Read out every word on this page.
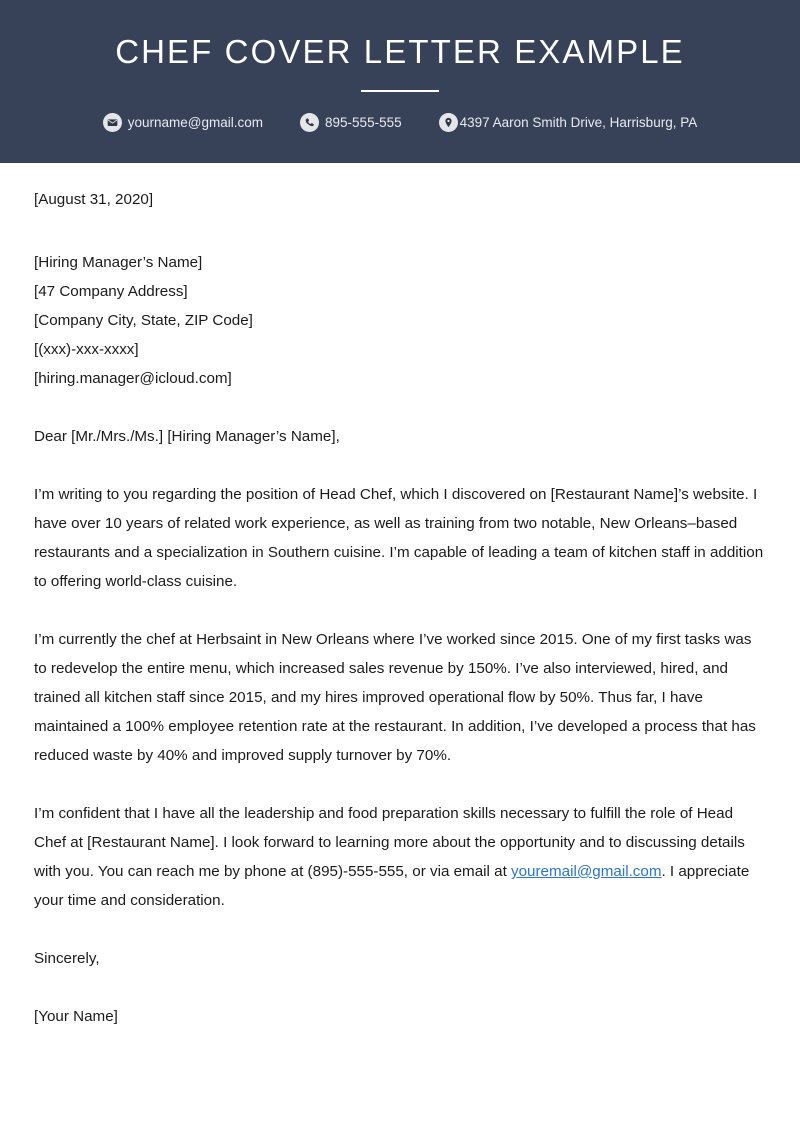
CHEF COVER LETTER EXAMPLE
yourname@gmail.com	895-555-555	4397 Aaron Smith Drive, Harrisburg, PA
[August 31, 2020]
[Hiring Manager’s Name]
[47 Company Address]
[Company City, State, ZIP Code]
[(xxx)-xxx-xxxx]
[hiring.manager@icloud.com]
Dear [Mr./Mrs./Ms.] [Hiring Manager’s Name],

I’m writing to you regarding the position of Head Chef, which I discovered on [Restaurant Name]’s website. I have over 10 years of related work experience, as well as training from two notable, New Orleans–based restaurants and a specialization in Southern cuisine. I’m capable of leading a team of kitchen staff in addition to offering world-class cuisine.

I’m currently the chef at Herbsaint in New Orleans where I’ve worked since 2015. One of my first tasks was to redevelop the entire menu, which increased sales revenue by 150%. I’ve also interviewed, hired, and trained all kitchen staff since 2015, and my hires improved operational flow by 50%. Thus far, I have maintained a 100% employee retention rate at the restaurant. In addition, I’ve developed a process that has reduced waste by 40% and improved supply turnover by 70%.

I’m confident that I have all the leadership and food preparation skills necessary to fulfill the role of Head Chef at [Restaurant Name]. I look forward to learning more about the opportunity and to discussing details with you. You can reach me by phone at (895)-555-555, or via email at youremail@gmail.com. I appreciate your time and consideration.

Sincerely,
[Your Name]
